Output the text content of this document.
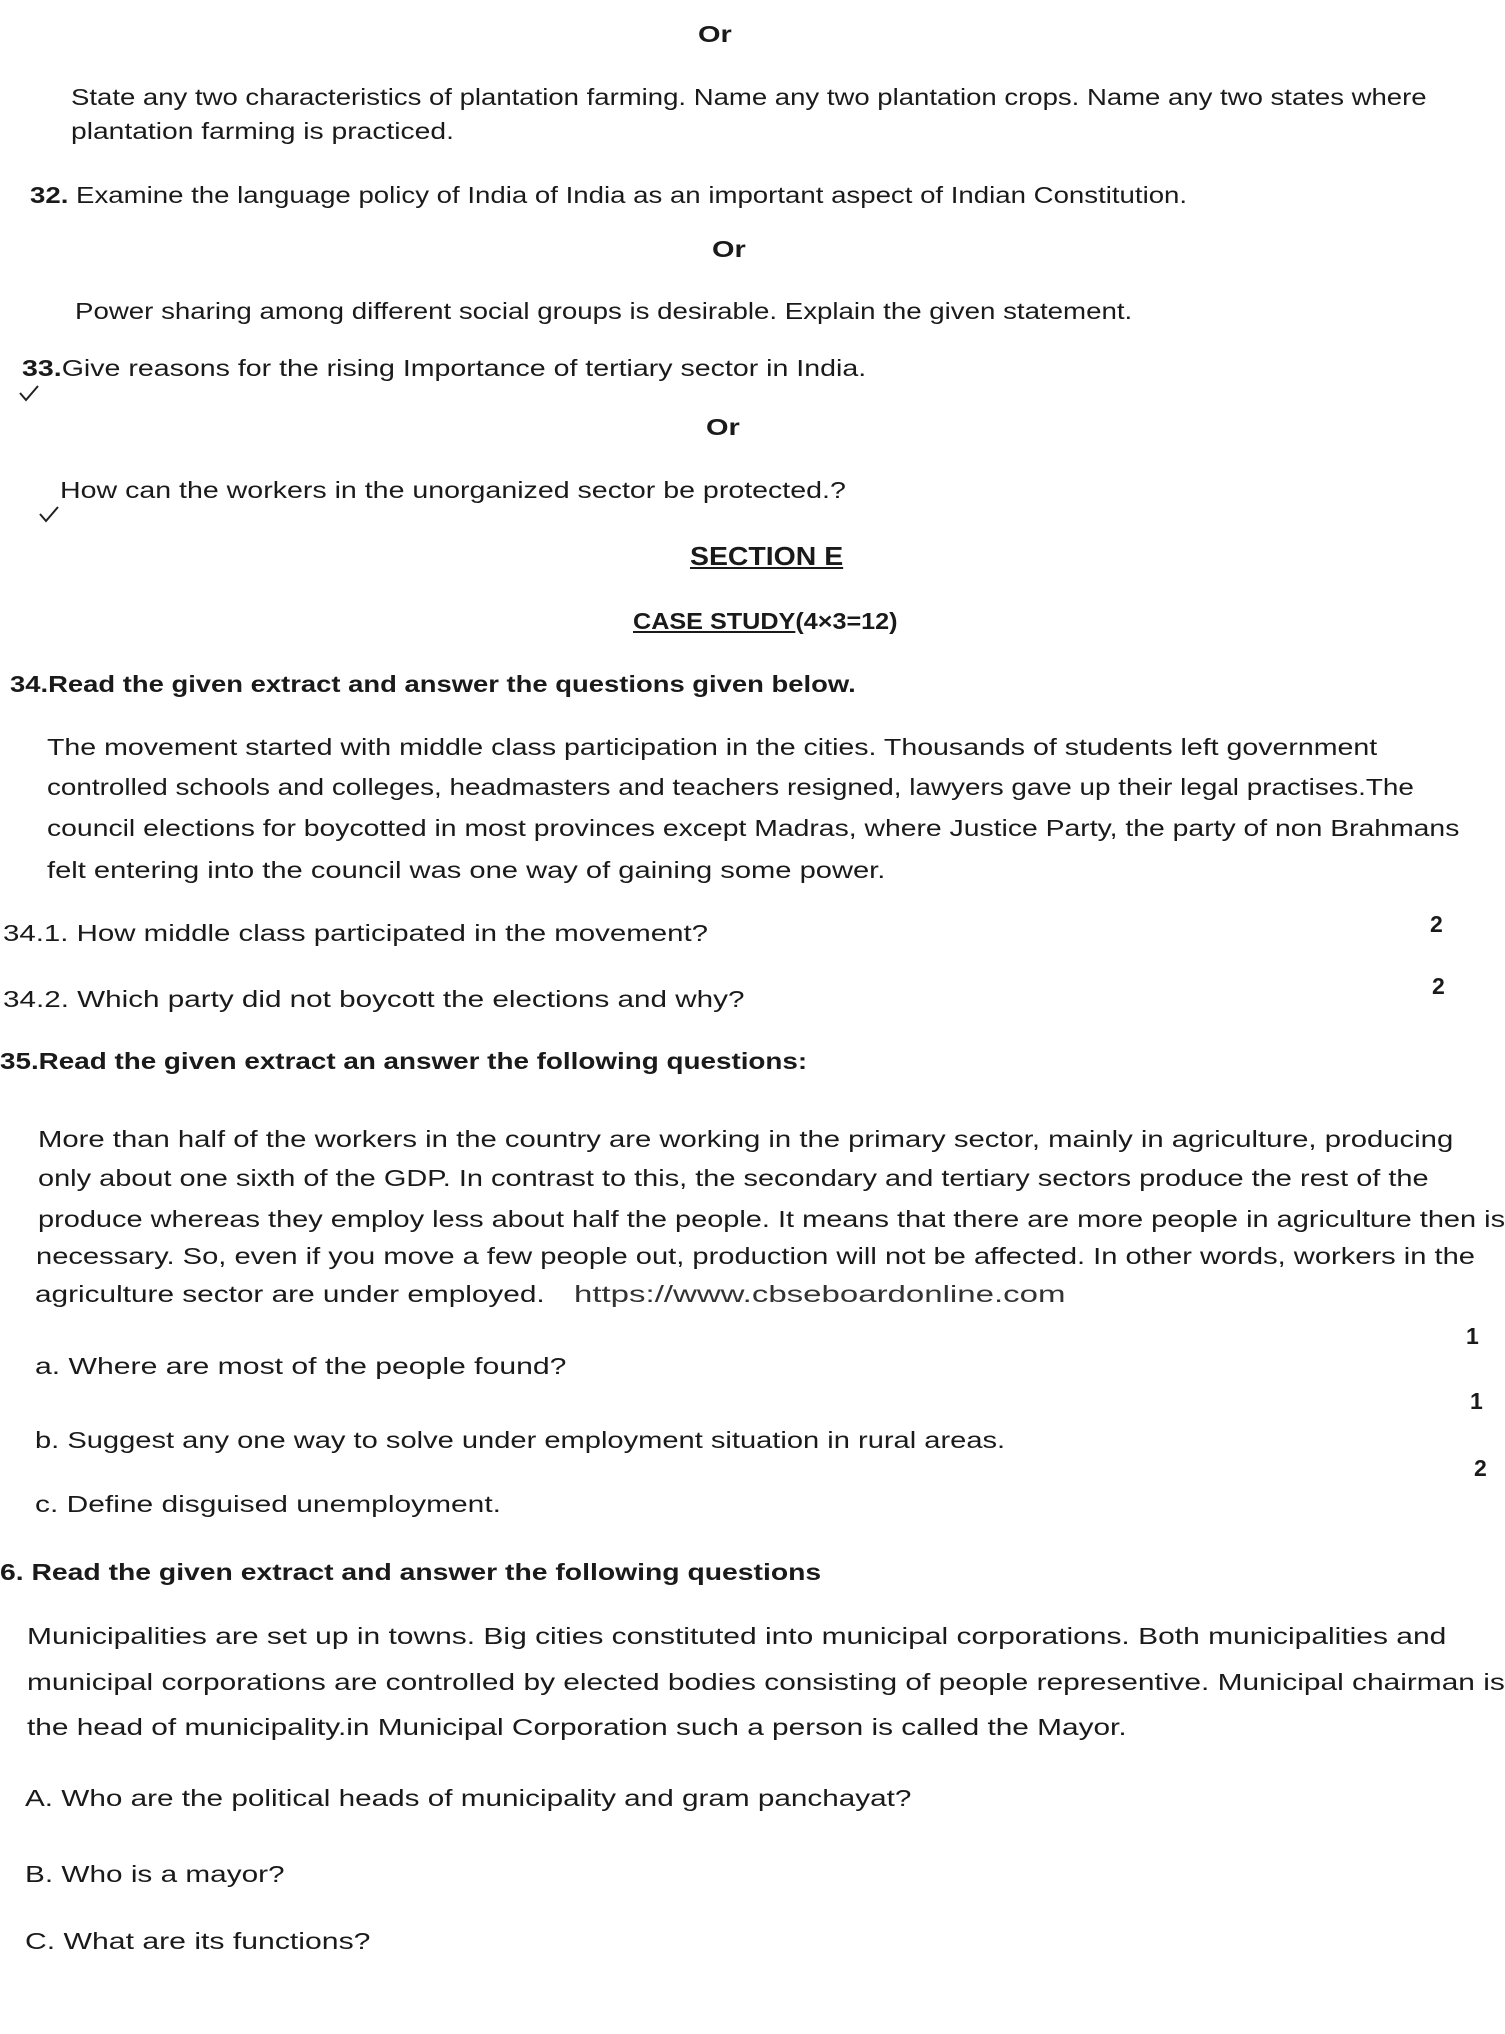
Or
State any two characteristics of plantation farming. Name any two plantation crops. Name any two states where
plantation farming is practiced.
32. Examine the language policy of India of India as an important aspect of Indian Constitution.
Or
Power sharing among different social groups is desirable. Explain the given statement.
33.Give reasons for the rising Importance of tertiary sector in India.
Or
How can the workers in the unorganized sector be protected.?
SECTION E
CASE STUDY(4×3=12)
34.Read the given extract and answer the questions given below.
The movement started with middle class participation in the cities. Thousands of students left government
controlled schools and colleges, headmasters and teachers resigned, lawyers gave up their legal practises.The
council elections for boycotted in most provinces except Madras, where Justice Party, the party of non Brahmans
felt entering into the council was one way of gaining some power.
34.1. How middle class participated in the movement?	2
34.2. Which party did not boycott the elections and why?	2
35.Read the given extract an answer the following questions:
More than half of the workers in the country are working in the primary sector, mainly in agriculture, producing
only about one sixth of the GDP. In contrast to this, the secondary and tertiary sectors produce the rest of the
produce whereas they employ less about half the people. It means that there are more people in agriculture then is
necessary. So, even if you move a few people out, production will not be affected. In other words, workers in the
agriculture sector are under employed. https://www.cbseboardonline.com
a. Where are most of the people found?
1
b. Suggest any one way to solve under employment situation in rural areas.
1
c. Define disguised unemployment.
2
6. Read the given extract and answer the following questions
Municipalities are set up in towns. Big cities constituted into municipal corporations. Both municipalities and
municipal corporations are controlled by elected bodies consisting of people representive. Municipal chairman is
the head of municipality.in Municipal Corporation such a person is called the Mayor.
A. Who are the political heads of municipality and gram panchayat?
B. Who is a mayor?
C. What are its functions?
